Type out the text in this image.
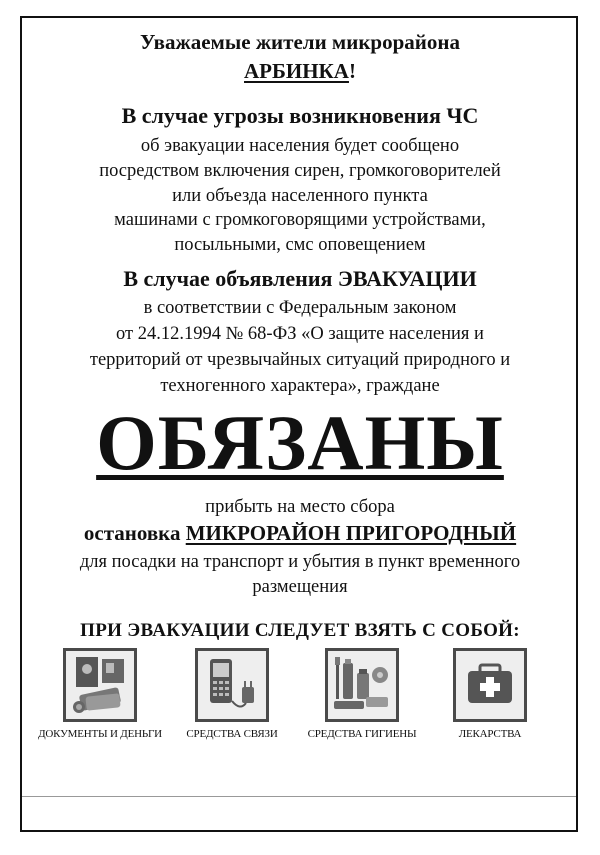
Уважаемые жители микрорайона
АРБИНКА!
В случае угрозы возникновения ЧС
об эвакуации населения будет сообщено
посредством включения сирен, громкоговорителей
или объезда населенного пункта
машинами с громкоговорящими устройствами,
посыльными, смс оповещением
В случае объявления ЭВАКУАЦИИ
в соответствии с Федеральным законом
от 24.12.1994 № 68-ФЗ «О защите населения и
территорий от чрезвычайных ситуаций природного и
техногенного характера», граждане
ОБЯЗАНЫ
прибыть на место сбора
остановка МИКРОРАЙОН ПРИГОРОДНЫЙ
для посадки на транспорт и убытия в пункт временного
размещения
ПРИ ЭВАКУАЦИИ СЛЕДУЕТ ВЗЯТЬ С СОБОЙ:
ДОКУМЕНТЫ И ДЕНЬГИ	СРЕДСТВА СВЯЗИ	СРЕДСТВА ГИГИЕНЫ	ЛЕКАРСТВА
